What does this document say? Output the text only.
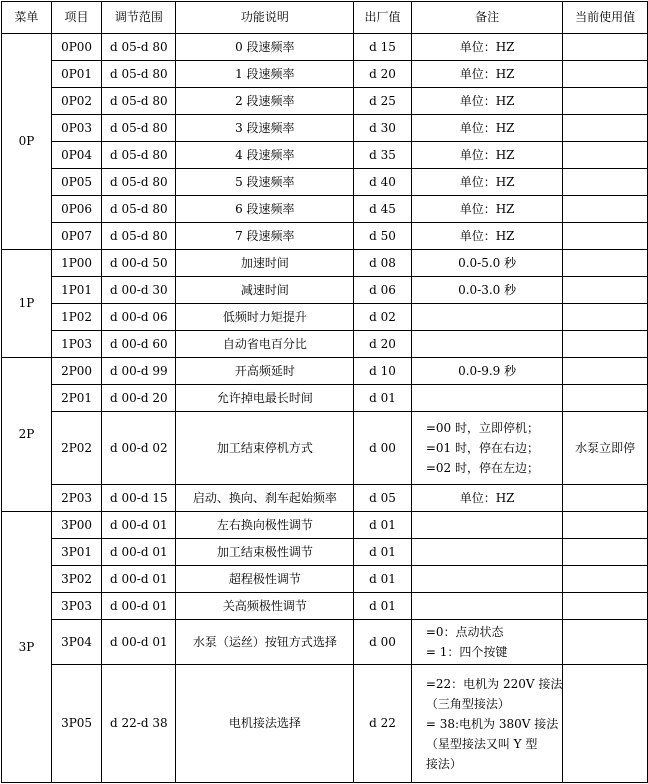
菜单	项目	调节范围	功能说明	出厂值	备注	当前使用值
0P	0P00	d 05-d 80	0 段速频率	d 15	单位：HZ	

	0P01	d 05-d 80	1 段速频率	d 20	单位：HZ	

	0P02	d 05-d 80	2 段速频率	d 25	单位：HZ	

	0P03	d 05-d 80	3 段速频率	d 30	单位：HZ	

	0P04	d 05-d 80	4 段速频率	d 35	单位：HZ	

	0P05	d 05-d 80	5 段速频率	d 40	单位：HZ	

	0P06	d 05-d 80	6 段速频率	d 45	单位：HZ	

	0P07	d 05-d 80	7 段速频率	d 50	单位：HZ	

1P	1P00	d 00-d 50	加速时间	d 08	0.0-5.0 秒	

	1P01	d 00-d 30	减速时间	d 06	0.0-3.0 秒	

	1P02	d 00-d 06	低频时力矩提升	d 02		
	1P03	d 00-d 60	自动省电百分比	d 20		
2P	2P00	d 00-d 99	开高频延时	d 10	0.0-9.9 秒	

	2P01	d 00-d 20	允许掉电最长时间	d 01		
	2P02	d 00-d 02	加工结束停机方式	d 00	=00 时，立即停机；
=01 时，停在右边；
=02 时，停在左边；	水泵立即停
	2P03	d 00-d 15	启动、换向、刹车起始频率	d 05	单位：HZ	

3P	3P00	d 00-d 01	左右换向极性调节	d 01		
	3P01	d 00-d 01	加工结束极性调节	d 01		
	3P02	d 00-d 01	超程极性调节	d 01		
	3P03	d 00-d 01	关高频极性调节	d 01		
	3P04	d 00-d 01	水泵（运丝）按钮方式选择	d 00	=0：点动状态
= 1：四个按键	

	3P05	d 22-d 38	电机接法选择	d 22	=22：电机为 220V 接法
（三角型接法）
= 38:电机为 380V 接法
（星型接法又叫 Y 型
接法）	
